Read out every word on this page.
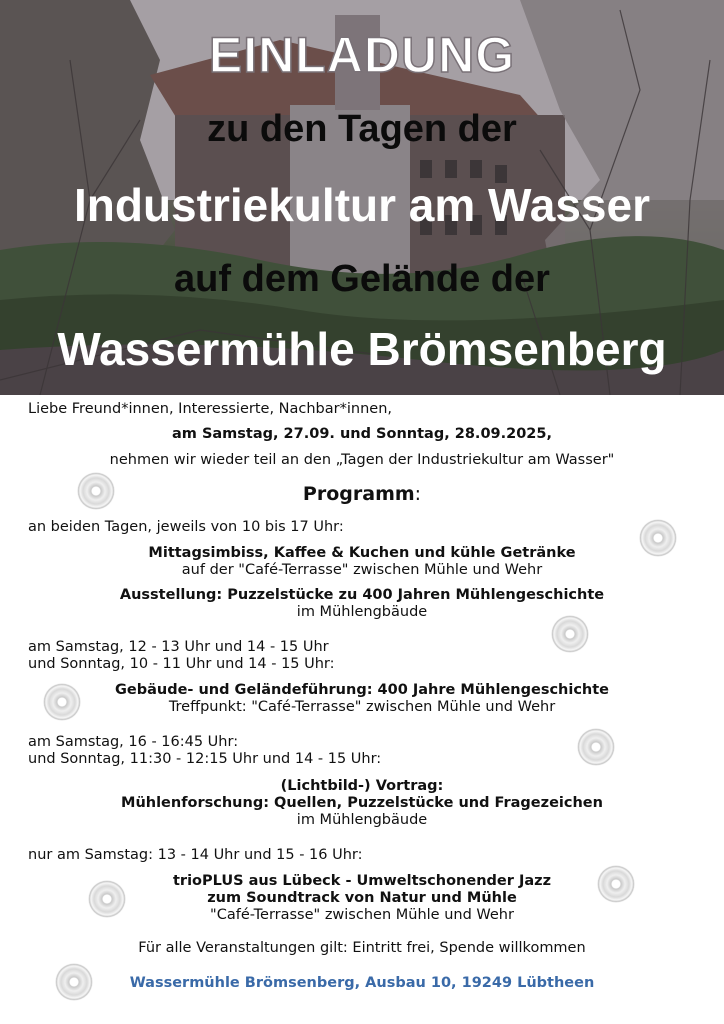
EINLADUNG
zu den Tagen der
Industriekultur am Wasser
auf dem Gelände der
Wassermühle Brömsenberg
Liebe Freund*innen, Interessierte, Nachbar*innen,
am Samstag, 27.09. und Sonntag, 28.09.2025,
nehmen wir wieder teil an den „Tagen der Industriekultur am Wasser"
Programm:
an beiden Tagen, jeweils von 10 bis 17 Uhr:
Mittagsimbiss, Kaffee & Kuchen und kühle Getränke
auf der "Café-Terrasse" zwischen Mühle und Wehr
Ausstellung: Puzzelstücke zu 400 Jahren Mühlengeschichte
im Mühlengbäude
am Samstag, 12 - 13 Uhr und 14 - 15 Uhr
und Sonntag, 10 - 11 Uhr und 14 - 15 Uhr:
Gebäude- und Geländeführung: 400 Jahre Mühlengeschichte
Treffpunkt: "Café-Terrasse" zwischen Mühle und Wehr
am Samstag, 16 - 16:45 Uhr:
und Sonntag, 11:30 - 12:15 Uhr und 14 - 15 Uhr:
(Lichtbild-) Vortrag:
Mühlenforschung: Quellen, Puzzelstücke und Fragezeichen
im Mühlengbäude
nur am Samstag: 13 - 14 Uhr und 15 - 16 Uhr:
trioPLUS aus Lübeck - Umweltschonender Jazz
zum Soundtrack von Natur und Mühle
"Café-Terrasse" zwischen Mühle und Wehr
Für alle Veranstaltungen gilt: Eintritt frei, Spende willkommen
Wassermühle Brömsenberg, Ausbau 10, 19249 Lübtheen
